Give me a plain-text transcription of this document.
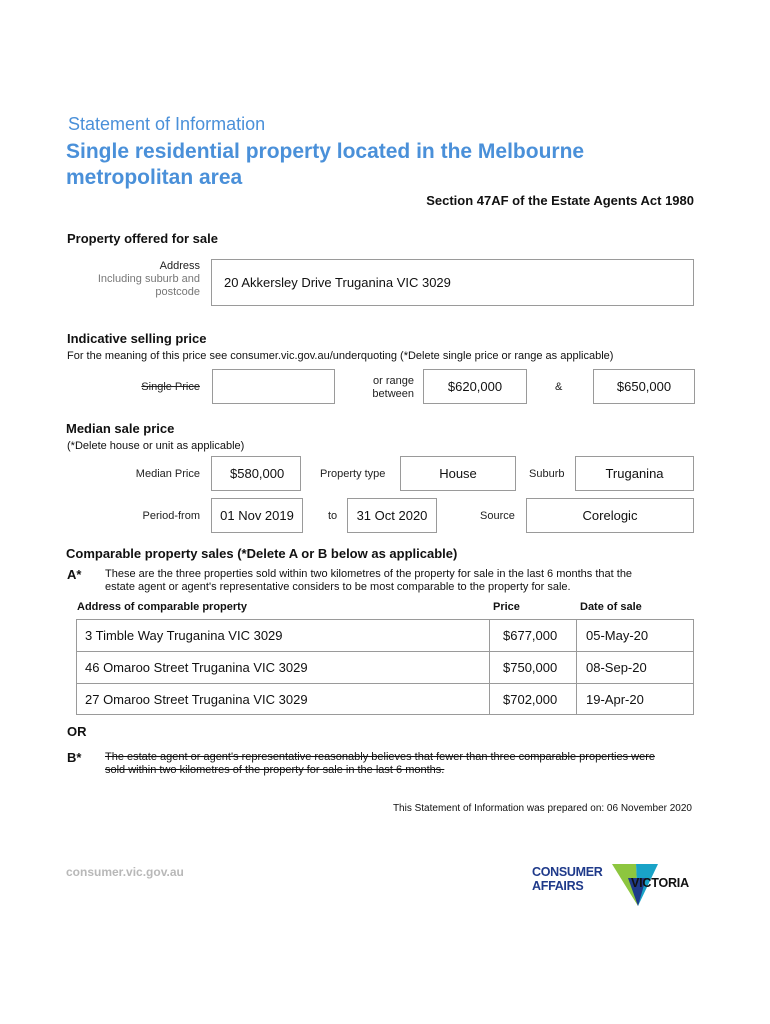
Statement of Information
Single residential property located in the Melbourne
metropolitan area
Section 47AF of the Estate Agents Act 1980
Property offered for sale
Address
Including suburb and
postcode
20 Akkersley Drive Truganina VIC 3029
Indicative selling price
For the meaning of this price see consumer.vic.gov.au/underquoting (*Delete single price or range as applicable)
Single Price	or range
between	$620,000	&	$650,000
Median sale price
(*Delete house or unit as applicable)
Median Price $580,000	Property type	House	Suburb	Truganina
Period-from 01 Nov 2019	to 31 Oct 2020	Source	Corelogic
Comparable property sales (*Delete A or B below as applicable)
A* These are the three properties sold within two kilometres of the property for sale in the last 6 months that the
estate agent or agent's representative considers to be most comparable to the property for sale.
Address of comparable property	Price	Date of sale
3 Timble Way Truganina VIC 3029	$677,000 05-May-20
46 Omaroo Street Truganina VIC 3029	$750,000 08-Sep-20
27 Omaroo Street Truganina VIC 3029	$702,000 19-Apr-20
OR
B* The estate agent or agent's representative reasonably believes that fewer than three comparable properties were
sold within two kilometres of the property for sale in the last 6 months.
This Statement of Information was prepared on: 06 November 2020
consumer.vic.gov.au	CONSUMER
AFFAIRS	VICTORIA
